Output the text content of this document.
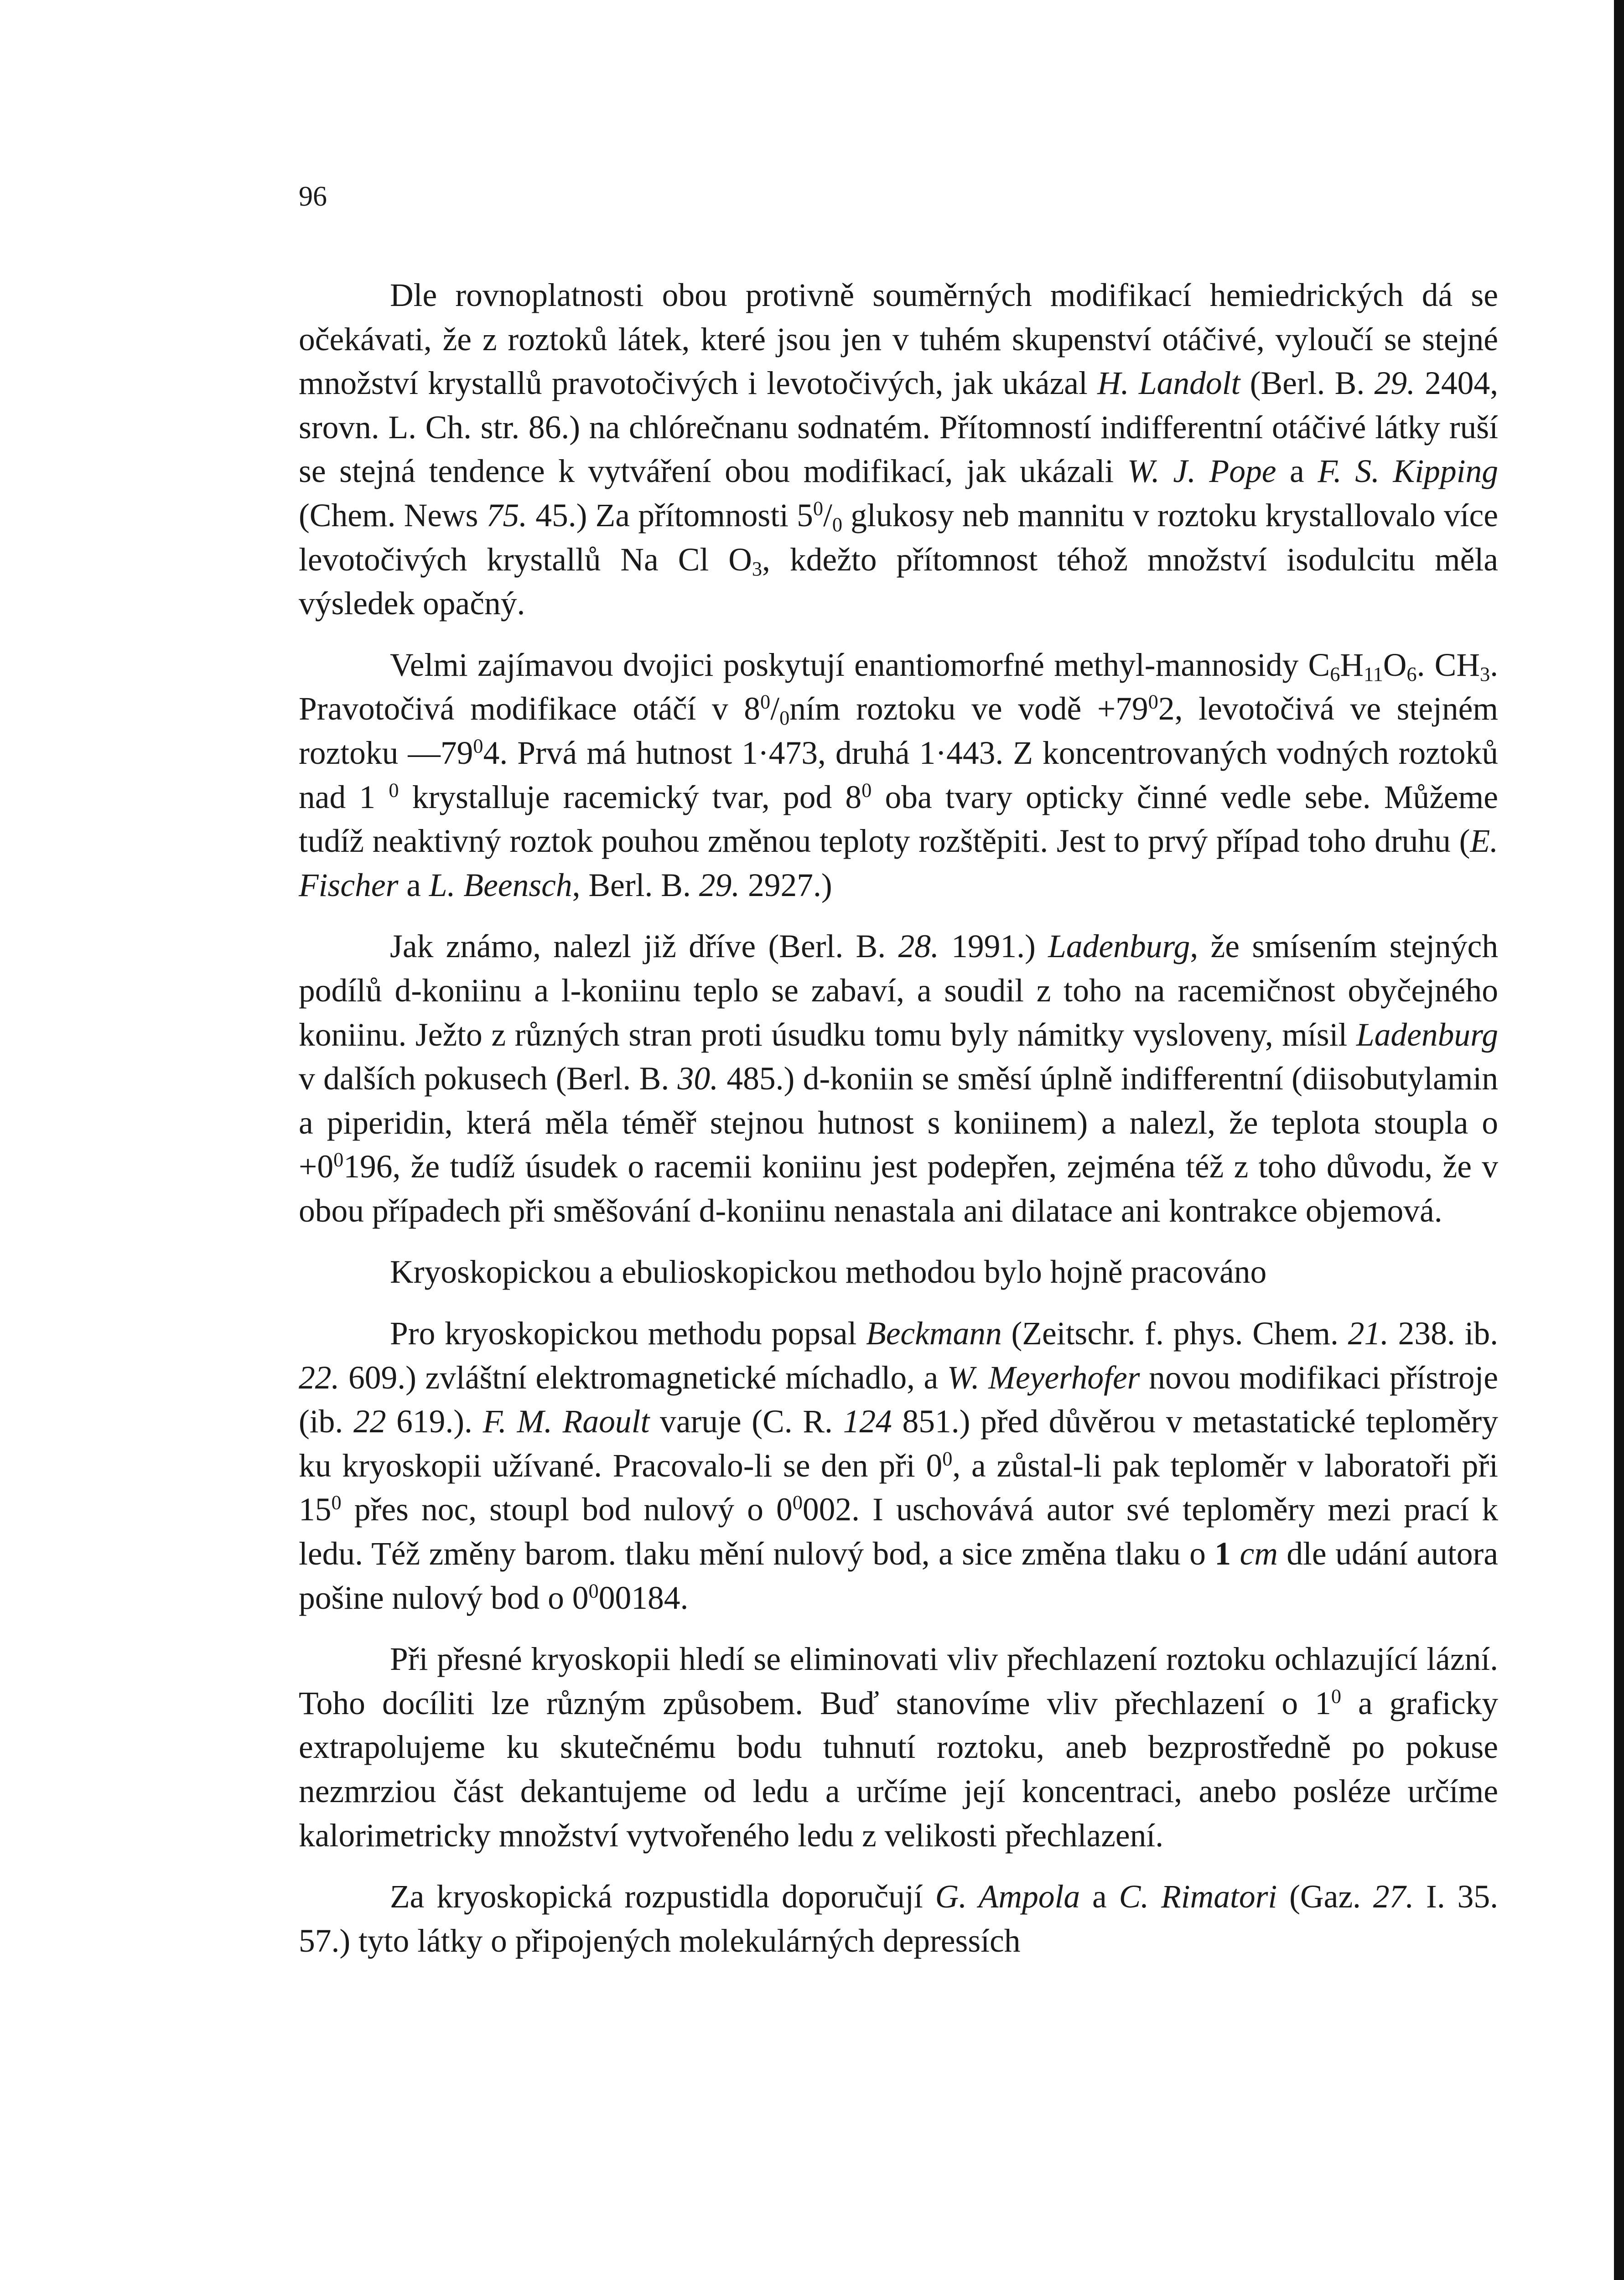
96

Dle rovnoplatnosti obou protivně souměrných modifikací hemiedrických dá se očekávati, že z roztoků látek, které jsou jen v tuhém skupenství otáčivé, vyloučí se stejné množství krystallů pravotočivých i levotočivých, jak ukázal H. Landolt (Berl. B. 29. 2404, srovn. L. Ch. str. 86.) na chlórečnanu sodnatém. Přítomností indifferentní otáčivé látky ruší se stejná tendence k vytváření obou modifikací, jak ukázali W. J. Pope a F. S. Kipping (Chem. News 75. 45.) Za přítomnosti $5^0/_0$ glukosy neb mannitu v roztoku krystallovalo více levotočivých krystallů Na Cl $O_3$, kdežto přítomnost téhož množství isodulcitu měla výsledek opačný.

Velmi zajímavou dvojici poskytují enantiomorfné methyl-mannosidy $C_6H_{11}O_6$. $CH_3$. Pravotočivá modifikace otáčí v $8^0/_0ním$ roztoku ve vodě $+79^02$, levotočivá ve stejném roztoku $—79^04$. Prvá má hutnost 1·473, druhá 1·443. Z koncentrovaných vodných roztoků nad 1 $^0$ krystalluje racemický tvar, pod $8^0$ oba tvary opticky činné vedle sebe. Můžeme tudíž neaktivný roztok pouhou změnou teploty rozštěpiti. Jest to prvý případ toho druhu (E. Fischer a L. Beensch, Berl. B. 29. 2927.)

Jak známo, nalezl již dříve (Berl. B. 28. 1991.) Ladenburg, že smísením stejných podílů d-koniinu a l-koniinu teplo se zabaví, a soudil z toho na racemičnost obyčejného koniinu. Ježto z různých stran proti úsudku tomu byly námitky vysloveny, mísil Ladenburg v dalších pokusech (Berl. B. 30. 485.) d-koniin se směsí úplně indifferentní (diisobutylamin a piperidin, která měla téměř stejnou hutnost s koniinem) a nalezl, že teplota stoupla $o +0^0196$, že tudíž úsudek o racemii koniinu jest podepřen, zejména též z toho důvodu, že v obou případech při směšování d-koniinu nenastala ani dilatace ani kontrakce objemová.

Kryoskopickou a ebulioskopickou methodou bylo hojně pracováno

Pro kryoskopickou methodu popsal Beckmann (Zeitschr. f. phys. Chem. 21. 238. ib. 22. 609.) zvláštní elektromagnetické míchadlo, a W. Meyerhofer novou modifikaci přístroje (ib. 22 619.). F. M. Raoult varuje (C. R. 124 851.) před důvěrou v metastatické teploměry ku kryoskopii užívané. Pracovalo-li se den při $0^0$, a zůstal-li pak teploměr v laboratoři při $15^0$ přes noc, stoupl bod nulový o $0^0002$. I uschovává autor své teploměry mezi prací k ledu. Též změny barom. tlaku mění nulový bod, a sice změna tlaku o 1 cm dle udání autora pošine nulový bod o $0^000184$.

Při přesné kryoskopii hledí se eliminovati vliv přechlazení roztoku ochlazující lázní. Toho docíliti lze různým způsobem. Buď stanovíme vliv přechlazení o $1^0$ a graficky extrapolujeme ku skutečnému bodu tuhnutí roztoku, aneb bezprostředně po pokuse nezmrziou část dekantujeme od ledu a určíme její koncentraci, anebo posléze určíme kalorimetricky množství vytvořeného ledu z velikosti přechlazení.

Za kryoskopická rozpustidla doporučují G. Ampola a C. Rimatori (Gaz. 27. I. 35. 57.) tyto látky o připojených molekulárných depressích
